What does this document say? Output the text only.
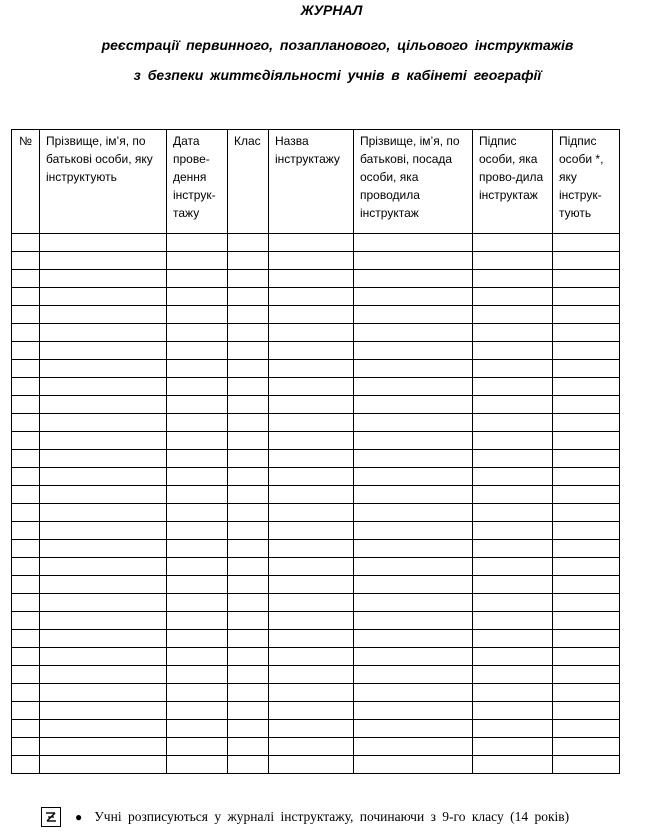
ЖУРНАЛ
реєстрації первинного, позапланового, цільового інструктажів
з безпеки життєдіяльності учнів в кабінеті географії
№	Прізвище, ім’я, по батькові особи, яку інструктують	Дата прове-дення інструк-тажу	Клас	Назва інструктажу	Прізвище, ім’я, по батькові, посада особи, яка проводила інструктаж	Підпис особи, яка прово-дила інструктаж	Підпис особи *, яку інструк-тують

● Учні розписуються у журналі інструктажу, починаючи з 9-го класу (14 років)
